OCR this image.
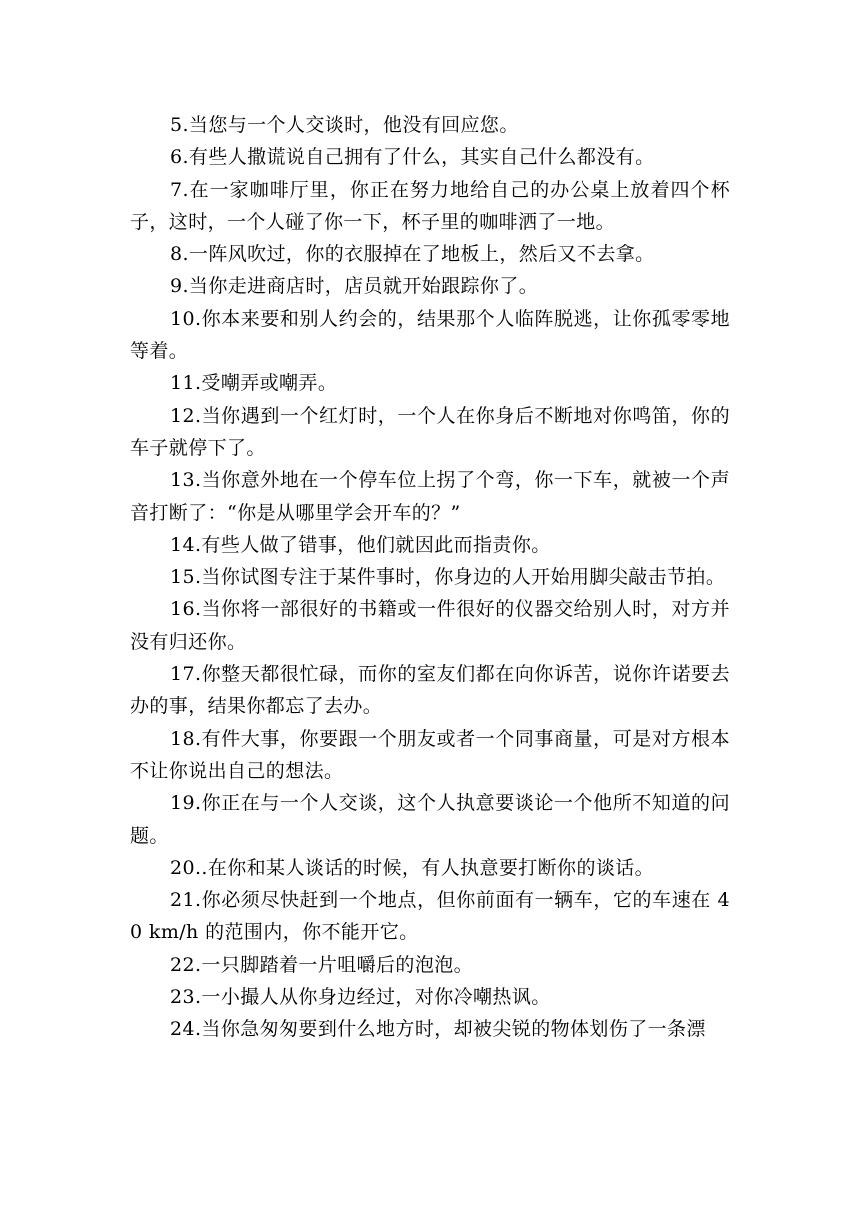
5.当您与一个人交谈时，他没有回应您。

6.有些人撒谎说自己拥有了什么，其实自己什么都没有。

7.在一家咖啡厅里，你正在努力地给自己的办公桌上放着四个杯子，这时，一个人碰了你一下，杯子里的咖啡洒了一地。

8.一阵风吹过，你的衣服掉在了地板上，然后又不去拿。

9.当你走进商店时，店员就开始跟踪你了。

10.你本来要和别人约会的，结果那个人临阵脱逃，让你孤零零地等着。

11.受嘲弄或嘲弄。

12.当你遇到一个红灯时，一个人在你身后不断地对你鸣笛，你的车子就停下了。

13.当你意外地在一个停车位上拐了个弯，你一下车，就被一个声音打断了：“你是从哪里学会开车的？”

14.有些人做了错事，他们就因此而指责你。

15.当你试图专注于某件事时，你身边的人开始用脚尖敲击节拍。

16.当你将一部很好的书籍或一件很好的仪器交给别人时，对方并没有归还你。

17.你整天都很忙碌，而你的室友们都在向你诉苦，说你许诺要去办的事，结果你都忘了去办。

18.有件大事，你要跟一个朋友或者一个同事商量，可是对方根本不让你说出自己的想法。

19.你正在与一个人交谈，这个人执意要谈论一个他所不知道的问题。

20..在你和某人谈话的时候，有人执意要打断你的谈话。

21.你必须尽快赶到一个地点，但你前面有一辆车，它的车速在 40 km/h 的范围内，你不能开它。

22.一只脚踏着一片咀嚼后的泡泡。

23.一小撮人从你身边经过，对你冷嘲热讽。

24.当你急匆匆要到什么地方时，却被尖锐的物体划伤了一条漂
